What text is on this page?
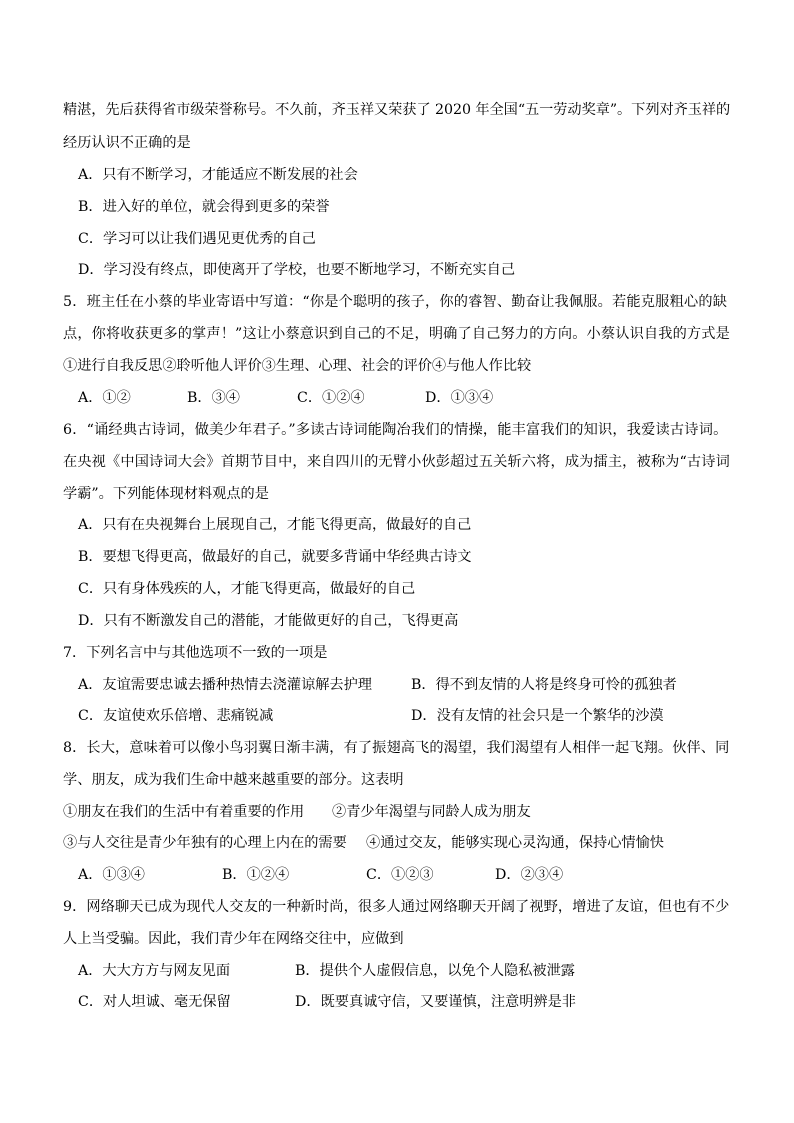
精湛，先后获得省市级荣誉称号。不久前，齐玉祥又荣获了 2020 年全国“五一劳动奖章”。下列对齐玉祥的
经历认识不正确的是
A．只有不断学习，才能适应不断发展的社会
B．进入好的单位，就会得到更多的荣誉
C．学习可以让我们遇见更优秀的自己
D．学习没有终点，即使离开了学校，也要不断地学习，不断充实自己
5．班主任在小蔡的毕业寄语中写道：“你是个聪明的孩子，你的睿智、勤奋让我佩服。若能克服粗心的缺
点，你将收获更多的掌声！”这让小蔡意识到自己的不足，明确了自己努力的方向。小蔡认识自我的方式是
①进行自我反思②聆听他人评价③生理、心理、社会的评价④与他人作比较
A．①②	B．③④	C．①②④	D．①③④
6．“诵经典古诗词，做美少年君子。”多读古诗词能陶冶我们的情操，能丰富我们的知识，我爱读古诗词。
在央视《中国诗词大会》首期节目中，来自四川的无臂小伙彭超过五关斩六将，成为擂主，被称为“古诗词
学霸”。下列能体现材料观点的是
A．只有在央视舞台上展现自己，才能飞得更高，做最好的自己
B．要想飞得更高，做最好的自己，就要多背诵中华经典古诗文
C．只有身体残疾的人，才能飞得更高，做最好的自己
D．只有不断激发自己的潜能，才能做更好的自己，飞得更高
7．下列名言中与其他选项不一致的一项是
A．友谊需要忠诚去播种热情去浇灌谅解去护理	B．得不到友情的人将是终身可怜的孤独者
C．友谊使欢乐倍增、悲痛锐减	D．没有友情的社会只是一个繁华的沙漠
8．长大，意味着可以像小鸟羽翼日渐丰满，有了振翅高飞的渴望，我们渴望有人相伴一起飞翔。伙伴、同
学、朋友，成为我们生命中越来越重要的部分。这表明
①朋友在我们的生活中有着重要的作用 ②青少年渴望与同龄人成为朋友
③与人交往是青少年独有的心理上内在的需要 ④通过交友，能够实现心灵沟通，保持心情愉快
A．①③④	B．①②④	C．①②③	D．②③④
9．网络聊天已成为现代人交友的一种新时尚，很多人通过网络聊天开阔了视野，增进了友谊，但也有不少
人上当受骗。因此，我们青少年在网络交往中，应做到
A．大大方方与网友见面	B．提供个人虚假信息，以免个人隐私被泄露
C．对人坦诚、毫无保留	D．既要真诚守信，又要谨慎，注意明辨是非
